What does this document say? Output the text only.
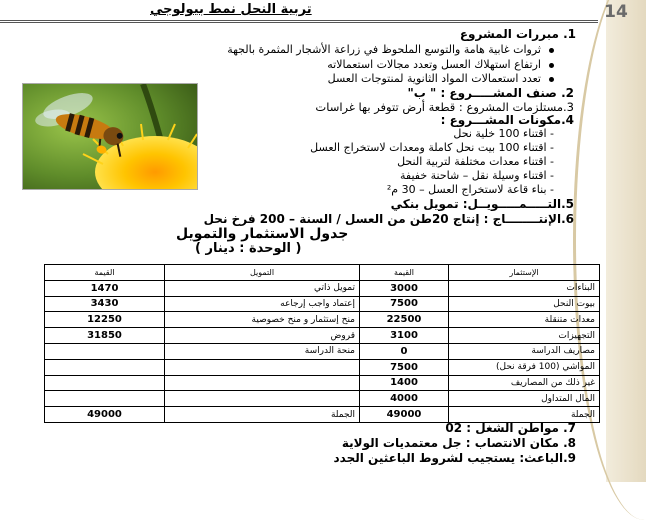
14
تربية النحل نمط بيولوجي
1. مبررات المشروع
ثروات غابية هامة والتوسع الملحوظ في زراعة الأشجار المثمرة بالجهة
ارتفاع استهلاك العسل وتعدد مجالات استعمالاته
تعدد استعمالات المواد الثانوية لمنتوجات العسل
2. صنف المشـــــروع : " ب"
3.مستلزمات المشروع : قطعة أرض تتوفر بها غراسات
4.مكونات المشـــروع :
- اقتناء 100 خلية نحل
- اقتناء 100 بيت نحل كاملة ومعدات لاستخراج العسل
- اقتناء معدات مختلفة لتربية النحل
- اقتناء وسيلة نقل – شاحنة خفيفة
- بناء قاعة لاستخراج العسل – 30 م²
5.التـــــمـــــويــل: تمويل بنكي
6.الإنتــــــــاج : إنتاج 20طن من العسل / السنة – 200 فرخ نحل
جدول الاستثمار والتمويل
( الوحدة : دينار )
الإستثمار	القيمة	التمويل	القيمة
البناءات	3000	تمويل ذاتي	1470
بيوت النحل	7500	إعتماد واجب إرجاعه	3430
معدات متنقلة	22500	منح إستثمار و منح خصوصية	12250
التجهيزات	3100	قروض	31850
مصاريف الدراسة	0	منحة الدراسة	
المواشي (100 فرقة نحل)	7500		
غير ذلك من المصاريف	1400		
المال المتداول	4000		
الجملة	49000	الجملة	49000
7. مواطن الشغل : 02
8. مكان الانتصاب : جل معتمديات الولاية
9.الباعث: يستجيب لشروط الباعثين الجدد
